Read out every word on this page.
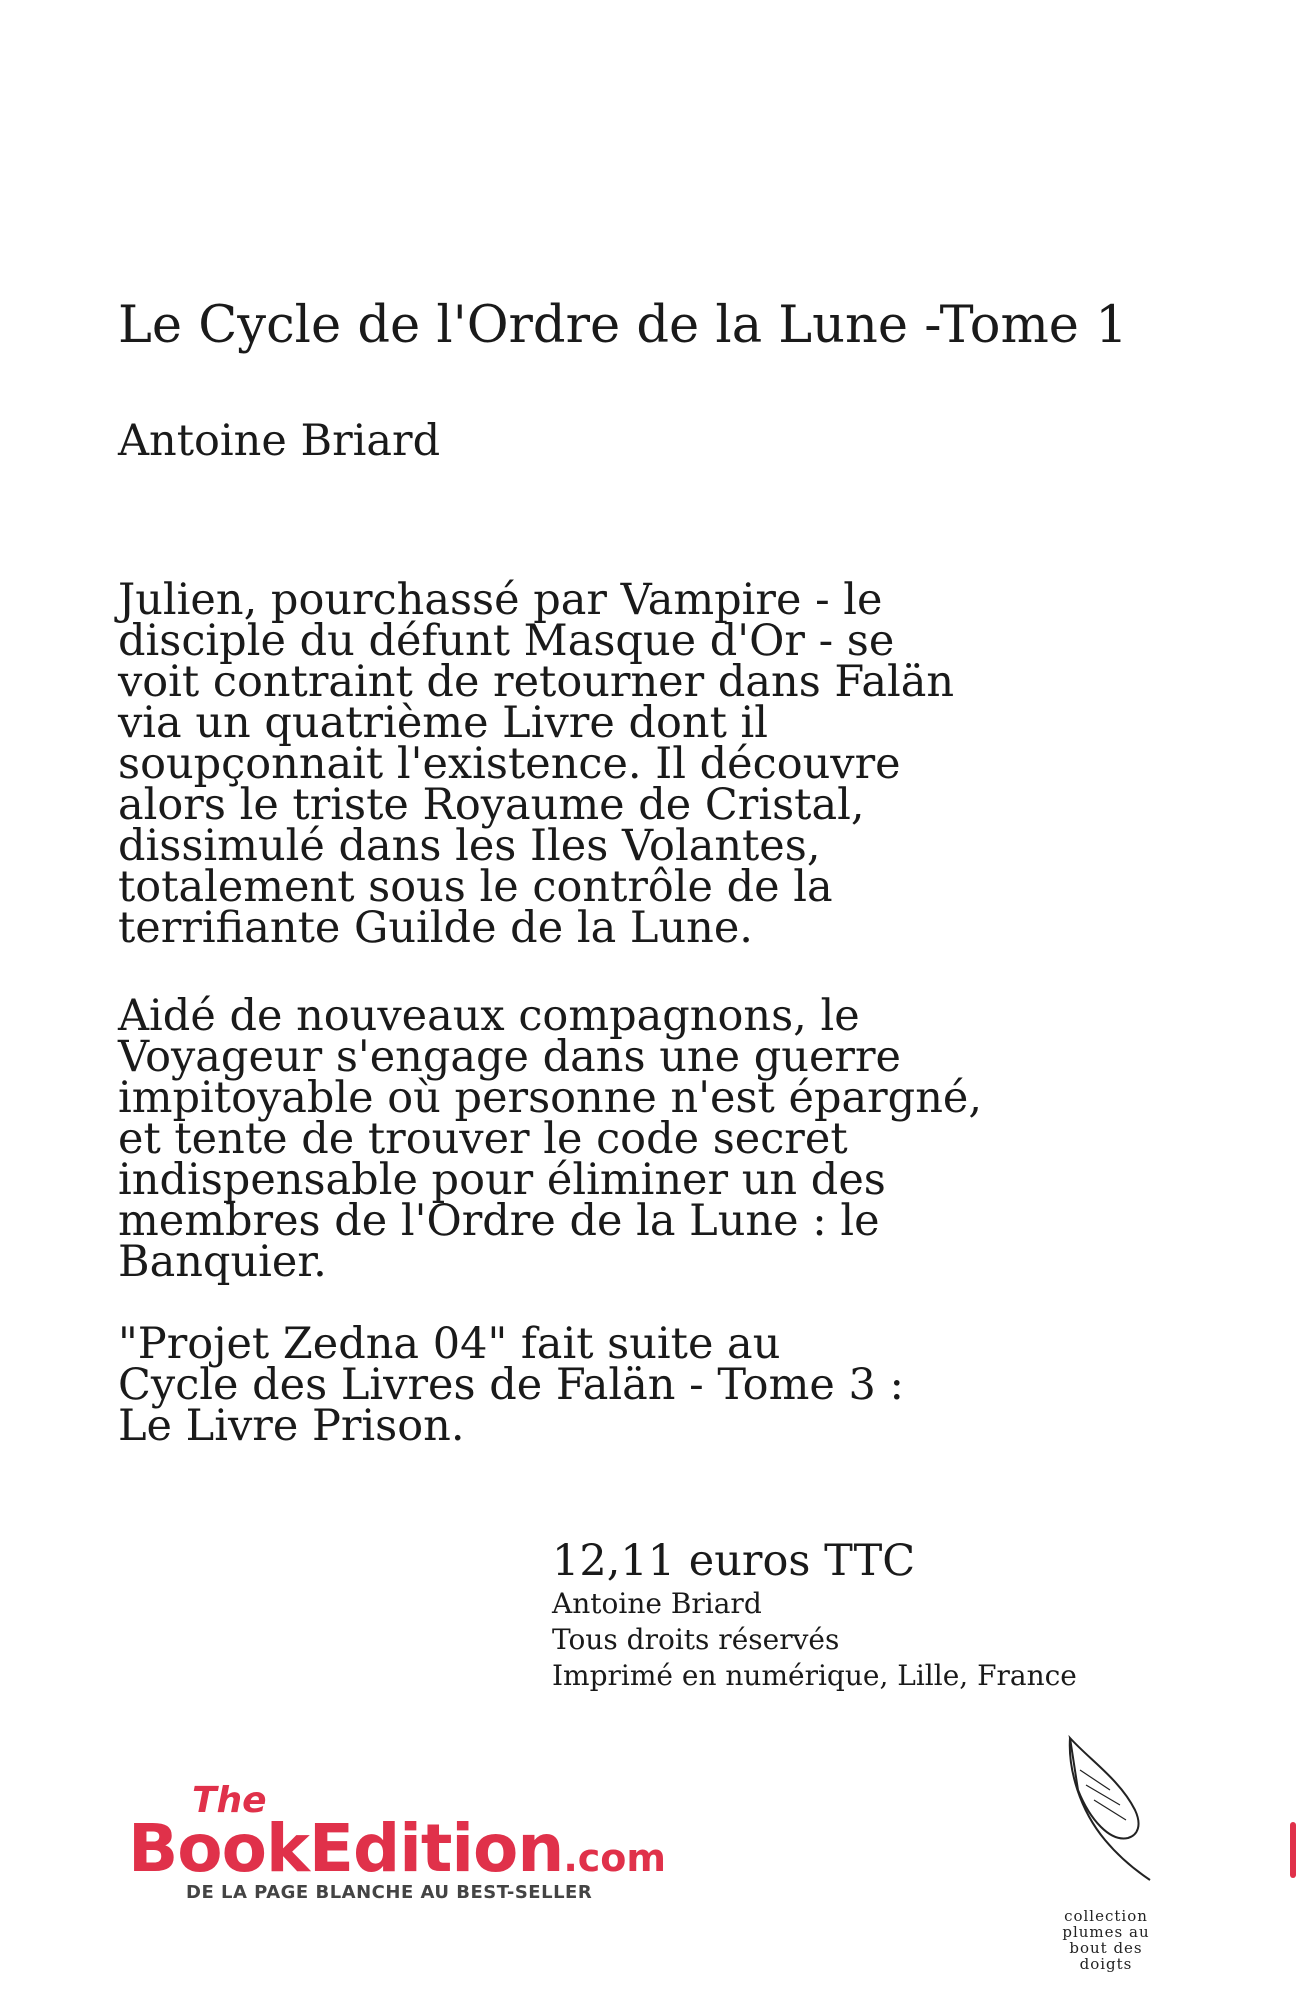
Le Cycle de l'Ordre de la Lune -Tome 1
Antoine Briard
Julien, pourchassé par Vampire - le
disciple du défunt Masque d'Or - se
voit contraint de retourner dans Falän
via un quatrième Livre dont il
soupçonnait l'existence. Il découvre
alors le triste Royaume de Cristal,
dissimulé dans les Iles Volantes,
totalement sous le contrôle de la
terrifiante Guilde de la Lune.
Aidé de nouveaux compagnons, le
Voyageur s'engage dans une guerre
impitoyable où personne n'est épargné,
et tente de trouver le code secret
indispensable pour éliminer un des
membres de l'Ordre de la Lune : le
Banquier.
"Projet Zedna 04" fait suite au
Cycle des Livres de Falän - Tome 3 :
Le Livre Prison.
12,11 euros TTC
Antoine Briard
Tous droits réservés
Imprimé en numérique, Lille, France
The
BookEdition.com
DE LA PAGE BLANCHE AU BEST-SELLER
collection
plumes au
bout des
doigts
